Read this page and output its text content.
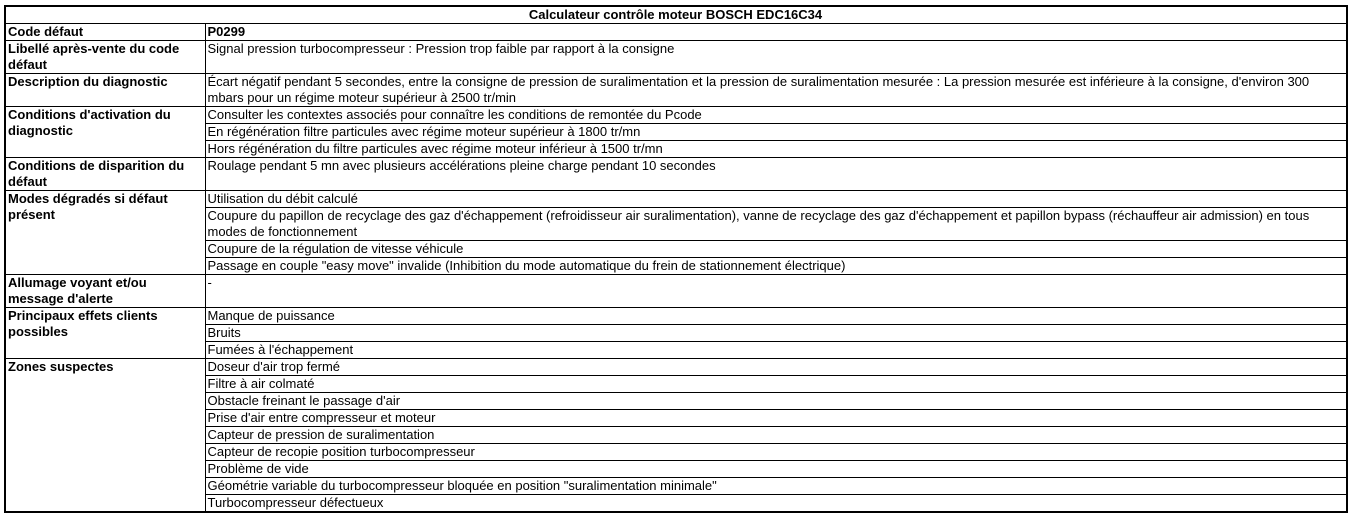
Calculateur contrôle moteur BOSCH EDC16C34	
Code défaut	P0299
Libellé après-vente du code défaut	Signal pression turbocompresseur : Pression trop faible par rapport à la consigne
Description du diagnostic	Écart négatif pendant 5 secondes, entre la consigne de pression de suralimentation et la pression de suralimentation mesurée : La pression mesurée est inférieure à la consigne, d'environ 300 mbars pour un régime moteur supérieur à 2500 tr/min
Conditions d'activation du diagnostic	Consulter les contextes associés pour connaître les conditions de remontée du Pcode
	En régénération filtre particules avec régime moteur supérieur à 1800 tr/mn
	Hors régénération du filtre particules avec régime moteur inférieur à 1500 tr/mn
Conditions de disparition du défaut	Roulage pendant 5 mn avec plusieurs accélérations pleine charge pendant 10 secondes
Modes dégradés si défaut présent	Utilisation du débit calculé
	Coupure du papillon de recyclage des gaz d'échappement (refroidisseur air suralimentation), vanne de recyclage des gaz d'échappement et papillon bypass (réchauffeur air admission) en tous modes de fonctionnement
	Coupure de la régulation de vitesse véhicule
	Passage en couple "easy move" invalide (Inhibition du mode automatique du frein de stationnement électrique)
Allumage voyant et/ou message d'alerte	-
Principaux effets clients possibles	Manque de puissance
	Bruits
	Fumées à l'échappement
Zones suspectes	Doseur d'air trop fermé
	Filtre à air colmaté
	Obstacle freinant le passage d'air
	Prise d'air entre compresseur et moteur
	Capteur de pression de suralimentation
	Capteur de recopie position turbocompresseur
	Problème de vide
	Géométrie variable du turbocompresseur bloquée en position "suralimentation minimale"
	Turbocompresseur défectueux
